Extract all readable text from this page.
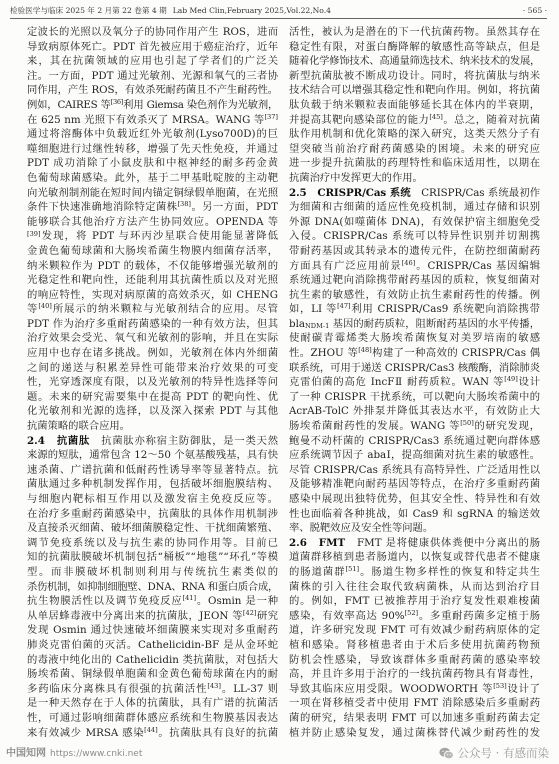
检验医学与临床 2025 年 2 月第 22 卷第 4 期 Lab Med Clin,February 2025,Vol.22,No.4	· 565 ·
定波长的光照以及氧分子的协同作用产生 ROS，进而
导致病原体死亡。PDT 首先被应用于癌症治疗，近年
来，其在抗菌领域的应用也引起了学者们的广泛关
注。一方面，PDT 通过光敏剂、光源和氧气的三者协
同作用，产生 ROS，有效杀死耐药菌且不产生耐药性。
例如，CAIRES 等[36]利用 Giemsa 染色剂作为光敏剂，
在 625 nm 光照下有效杀灭了 MRSA。WANG 等[37]
通过将溶酶体中负载近红外光敏剂(Lyso700D)的巨
噬细胞进行过继性转移，增强了先天性免疫，并通过
PDT 成功消除了小鼠皮肤和中枢神经的耐多药金黄
色葡萄球菌感染。此外，基于二甲基吡啶胺的主动靶
向光敏剂制剂能在短时间内锚定铜绿假单胞菌，在光照
条件下快速准确地消除特定菌株[38]。另一方面，PDT
能够联合其他治疗方法产生协同效应。OPENDA 等
[39]发现，将 PDT 与环丙沙星联合使用能显著降低
金黄色葡萄球菌和大肠埃希菌生物膜内细菌存活率，
纳米颗粒作为 PDT 的载体，不仅能够增强光敏剂的
光稳定性和靶向性，还能利用其抗菌性质以及对光照
的响应特性，实现对病原菌的高效杀灭，如 CHENG
等[40]所展示的纳米颗粒与光敏剂结合的应用。尽管
PDT 作为治疗多重耐药菌感染的一种有效方法，但其
治疗效果会受光、氧气和光敏剂的影响，并且在实际
应用中也存在诸多挑战。例如，光敏剂在体内外细菌
之间的递送与积累差异性可能带来治疗效果的可变
性，光穿透深度有限，以及光敏剂的特异性选择等问
题。未来的研究需要集中在提高 PDT 的靶向性、优
化光敏剂和光源的选择，以及深入探索 PDT 与其他
抗菌策略的联合应用。
2.4　抗菌肽　抗菌肽亦称宿主防御肽，是一类天然
来源的短肽，通常包含 12～50 个氨基酸残基，具有快
速杀菌、广谱抗菌和低耐药性诱导率等显著特点。抗
菌肽通过多种机制发挥作用，包括破坏细胞膜结构、
与细胞内靶标相互作用以及激发宿主免疫反应等。
在治疗多重耐药菌感染中，抗菌肽的具体作用机制涉
及直接杀灭细菌、破坏细菌膜稳定性、干扰细菌繁殖、
调节免疫系统以及与抗生素的协同作用等。目前已
知的抗菌肽膜破坏机制包括“桶板”“地毯”“环孔”等模
型。而非膜破坏机制则利用与传统抗生素类似的
杀伤机制，如抑制细胞壁、DNA、RNA 和蛋白质合成，
抗生物膜活性以及调节免疫反应[41]。Osmin 是一种
从单居蜂毒液中分离出来的抗菌肽，JEON 等[42]研究
发现 Osmin 通过快速破坏细菌膜来实现对多重耐药
肺炎克雷伯菌的灭活。Cathelicidin-BF 是从金环蛇
的毒液中纯化出的 Cathelicidin 类抗菌肽，对包括大
肠埃希菌、铜绿假单胞菌和金黄色葡萄球菌在内的耐
多药临床分离株具有很强的抗菌活性[43]。LL-37 则
是一种天然存在于人体的抗菌肽，具有广谱的抗菌活
性，可通过影响细菌群体感应系统和生物膜基因表达
来有效减少 MRSA 感染[44]。抗菌肽具有良好的抗菌
活性，被认为是潜在的下一代抗菌药物。虽然其存在
稳定性有限，对蛋白酶降解的敏感性高等缺点，但是
随着化学修饰技术、高通量筛选技术、纳米技术的发展，
新型抗菌肽被不断成功设计。同时，将抗菌肽与纳米
技术结合可以增强其稳定性和靶向作用。例如，将抗菌
肽负载于纳米颗粒表面能够延长其在体内的半衰期，
并提高其靶向感染部位的能力[45]。总之，随着对抗菌
肽作用机制和优化策略的深入研究，这类天然分子有
望突破当前治疗耐药菌感染的困境。未来的研究应
进一步提升抗菌肽的药理特性和临床适用性，以期在
抗菌治疗中发挥更大的作用。
2.5　CRISPR/Cas 系统　CRISPR/Cas 系统最初作
为细菌和古细菌的适应性免疫机制，通过存储和识别
外源 DNA(如噬菌体 DNA)，有效保护宿主细胞免受
入侵。CRISPR/Cas 系统可以特异性识别并切割携
带耐药基因或其转录本的遗传元件，在防控细菌耐药
方面具有广泛应用前景[46]。CRISPR/Cas 基因编辑
系统通过靶向消除携带耐药基因的质粒，恢复细菌对
抗生素的敏感性，有效防止抗生素耐药性的传播。例
如，LI 等[47]利用 CRISPR/Cas9 系统靶向消除携带
bla$_{NDM-1}$ 基因的耐药质粒，阻断耐药基因的水平传播，
使耐碳青霉烯类大肠埃希菌恢复对美罗培南的敏感
性。ZHOU 等[48]构建了一种高效的 CRISPR/Cas 偶
联系统，可用于递送 CRISPR/Cas3 核酸酶，消除肺炎
克雷伯菌的高危 IncFⅡ 耐药质粒。WAN 等[49]设计
了一种 CRISPR 干扰系统，可以靶向大肠埃希菌中的
AcrAB-TolC 外排泵并降低其表达水平，有效防止大
肠埃希菌耐药性的发展。WANG 等[50]的研究发现，
鲍曼不动杆菌的 CRISPR/Cas3 系统通过靶向群体感
应系统调节因子 abaⅠ，提高细菌对抗生素的敏感性。
尽管 CRISPR/Cas 系统具有高特异性、广泛适用性以
及能够精准靶向耐药基因等特点，在治疗多重耐药菌
感染中展现出独特优势，但其安全性、特异性和有效
性也面临着各种挑战，如 Cas9 和 sgRNA 的输送效
率、脱靶效应及安全性等问题。
2.6　FMT　FMT 是将健康供体粪便中分离出的肠
道菌群移植到患者肠道内，以恢复或替代患者不健康
的肠道菌群[51]。肠道生物多样性的恢复和特定共生
菌株的引入往往会取代致病菌株，从而达到治疗目
的。例如，FMT 已被推荐用于治疗复发性艰难梭菌
感染，有效率高达 90%[52]。多重耐药菌多定植于肠
道，许多研究发现 FMT 可有效减少耐药病原体的定
植和感染。肾移植患者由于术后多使用抗菌药物预
防机会性感染，导致该群体多重耐药菌的感染率较
高，并且许多用于治疗的一线抗菌药物具有肾毒性，
导致其临床应用受限。WOODWORTH 等[53]设计了
一项在肾移植受者中使用 FMT 消除感染后多重耐药
菌的研究，结果表明 FMT 可以加速多重耐药菌去定
植并防止感染复发，通过菌株替代减少耐药性的发
中国知网 https://www.cnki.net	公众号 · 有感而染
